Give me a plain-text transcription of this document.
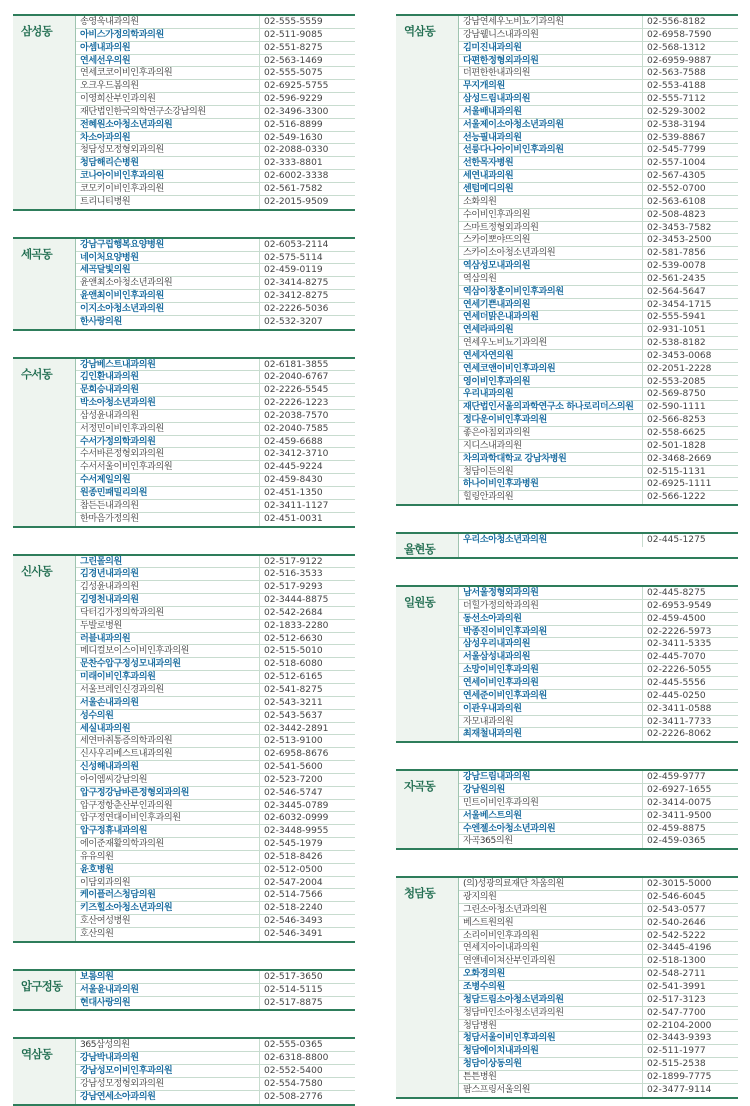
삼성동
송영욱내과의원	02-555-5559
아비스가정의학과의원	02-511-9085
아셈내과의원	02-551-8275
연세선우의원	02-563-1469
연세코코이비인후과의원	02-555-5075
오크우드봄의원	02-6925-5755
이영희산부인과의원	02-596-9229
재단법인한국의학연구소강남의원	02-3496-3300
전혜원소아청소년과의원	02-516-8899
차소아과의원	02-549-1630
청담성모정형외과의원	02-2088-0330
청담해리슨병원	02-333-8801
코나아이비인후과의원	02-6002-3338
코모키이비인후과의원	02-561-7582
트리니티병원	02-2015-9509
세곡동
강남구립행복요양병원	02-6053-2114
네이처요양병원	02-575-5114
세곡달빛의원	02-459-0119
윤앤최소아청소년과의원	02-3414-8275
윤앤최이비인후과의원	02-3412-8275
이지소아청소년과의원	02-2226-5036
한사랑의원	02-532-3207
수서동
강남베스트내과의원	02-6181-3855
김인환내과의원	02-2040-6767
문희승내과의원	02-2226-5545
박소아청소년과의원	02-2226-1223
삼성윤내과의원	02-2038-7570
서정민이비인후과의원	02-2040-7585
수서가정의학과의원	02-459-6688
수서바른정형외과의원	02-3412-3710
수서서울이비인후과의원	02-445-9224
수서제일의원	02-459-8430
원종민패밀리의원	02-451-1350
참든든내과의원	02-3411-1127
한마음가정의원	02-451-0031
신사동
그린몰의원	02-517-9122
김경년내과의원	02-516-3533
김성윤내과의원	02-517-9293
김영천내과의원	02-3444-8875
닥터김가정의학과의원	02-542-2684
두발로병원	02-1833-2280
러블내과의원	02-512-6630
메디컬보이스이비인후과의원	02-515-5010
문찬수압구정성모내과의원	02-518-6080
미래이비인후과의원	02-512-6165
서울브레인신경과의원	02-541-8275
서울손내과의원	02-543-3211
성수의원	02-543-5637
세실내과의원	02-3442-2891
세연마취통증의학과의원	02-513-9100
신사우리베스트내과의원	02-6958-8676
신성해내과의원	02-541-5600
아이엠씨강남의원	02-523-7200
압구정강남바른정형외과의원	02-546-5747
압구정항춘산부인과의원	02-3445-0789
압구정연대이비인후과의원	02-6032-0999
압구정휴내과의원	02-3448-9955
에이준재활의학과의원	02-545-1979
유유의원	02-518-8426
윤호병원	02-512-0500
이담외과의원	02-547-2004
케이플러스청담의원	02-514-7566
키즈힐소아청소년과의원	02-518-2240
호산여성병원	02-546-3493
호산의원	02-546-3491
압구정동
보롬의원	02-517-3650
서울윤내과의원	02-514-5115
현대사랑의원	02-517-8875
역삼동
365삼성의원	02-555-0365
강남박내과의원	02-6318-8800
강남성모이비인후과의원	02-552-5400
강남성모정형외과의원	02-554-7580
강남연세소아과의원	02-508-2776
역삼동
강남연세우노비뇨기과의원	02-556-8182
강남웰니스내과의원	02-6958-7590
김미진내과의원	02-568-1312
다편한정형외과의원	02-6959-9887
더편한한내과의원	02-563-7588
무지개의원	02-553-4188
삼성드림내과의원	02-555-7112
서울배내과의원	02-529-3002
서울제이소아청소년과의원	02-538-3194
선능필내과의원	02-539-8867
선릉다나아이비인후과의원	02-545-7799
선한목자병원	02-557-1004
세연내과의원	02-567-4305
센텀메디의원	02-552-0700
소화의원	02-563-6108
수이비인후과의원	02-508-4823
스마트정형외과의원	02-3453-7582
스카이뽀야뜨의원	02-3453-2500
스카이소아청소년과의원	02-581-7856
역삼성모내과의원	02-539-0078
역삼의원	02-561-2435
역삼이창훈이비인후과의원	02-564-5647
연세기쁜내과의원	02-3454-1715
연세더맑은내과의원	02-555-5941
연세라파의원	02-931-1051
연세우노비뇨기과의원	02-538-8182
연세자연의원	02-3453-0068
연세코앤이비인후과의원	02-2051-2228
영이비인후과의원	02-553-2085
우리내과의원	02-569-8750
재단법인서울의과학연구소 하나로리더스의원	02-590-1111
정다운이비인후과의원	02-566-8253
좋은아침외과의원	02-558-6625
지디스내과의원	02-501-1828
차의과학대학교 강남차병원	02-3468-2669
청담이든의원	02-515-1131
하나이비인후과병원	02-6925-1111
힐링안과의원	02-566-1222
율현동
우리소아청소년과의원	02-445-1275
일원동
남서울정형외과의원	02-445-8275
더힐가정의학과의원	02-6953-9549
동선소아과의원	02-459-4500
박종진이비인후과의원	02-2226-5973
삼성우리내과의원	02-3411-5335
서울삼성내과의원	02-445-7070
소망이비인후과의원	02-2226-5055
연세이비인후과의원	02-445-5556
연세준이비인후과의원	02-445-0250
이관우내과의원	02-3411-0588
자모내과의원	02-3411-7733
최재철내과의원	02-2226-8062
자곡동
강남드림내과의원	02-459-9777
강남원의원	02-6927-1655
민트이비인후과의원	02-3414-0075
서울베스트의원	02-3411-9500
수엔젤소아청소년과의원	02-459-8875
자곡365의원	02-459-0365
청담동
(의)성광의료재단 차움의원	02-3015-5000
광지의원	02-546-6045
그린소아청소년과의원	02-543-0577
베스트원의원	02-540-2646
소리이비인후과의원	02-542-5222
연세지아이내과의원	02-3445-4196
연앤네이쳐산부인과의원	02-518-1300
오화경의원	02-548-2711
조병수의원	02-541-3991
청담드림소아청소년과의원	02-517-3123
청담마인소아청소년과의원	02-547-7700
청담병원	02-2104-2000
청담서울이비인후과의원	02-3443-9393
청담에이치내과의원	02-511-1977
청담이상동의원	02-515-2538
튼튼병원	02-1899-7775
팜스프링서울의원	02-3477-9114
